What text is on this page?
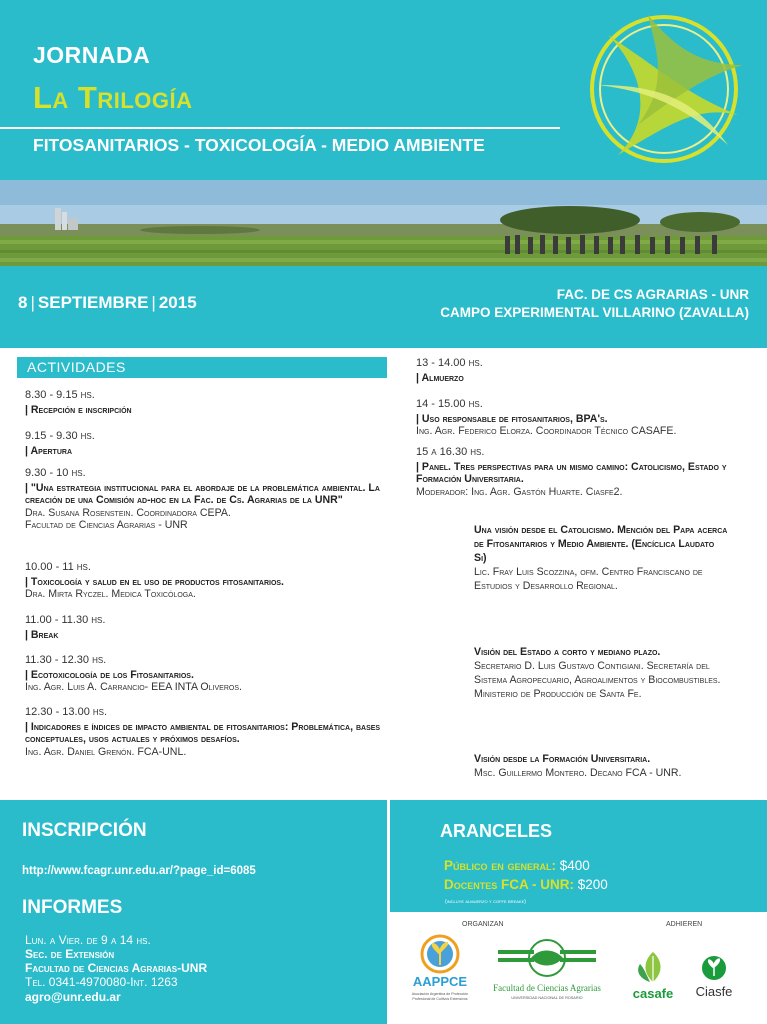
JORNADA
La Trilogía
FITOSANITARIOS - TOXICOLOGÍA - MEDIO AMBIENTE
8 | SEPTIEMBRE | 2015	FAC. DE CS AGRARIAS - UNR
CAMPO EXPERIMENTAL VILLARINO (ZAVALLA)
ACTIVIDADES
8.30 - 9.15 hs.
| Recepción e inscripción
9.15 - 9.30 hs.
| Apertura
9.30 - 10 hs.
| "Una estrategia institucional para el abordaje de la problemática ambiental. La creación de una Comisión ad-hoc en la Fac. de Cs. Agrarias de la UNR"
Dra. Susana Rosenstein. Coordinadora CEPA.
Facultad de Ciencias Agrarias - UNR
10.00 - 11 hs.
| Toxicología y salud en el uso de productos fitosanitarios.
Dra. Mirta Ryczel. Medica Toxicóloga.
11.00 - 11.30 hs.
| Break
11.30 - 12.30 hs.
| Ecotoxicología de los Fitosanitarios.
Ing. Agr. Luis A. Carrancio- EEA INTA Oliveros.
12.30 - 13.00 hs.
| Indicadores e índices de impacto ambiental de fitosanitarios: Problemática, bases conceptuales, usos actuales y próximos desafíos.
Ing. Agr. Daniel Grenón. FCA-UNL.
13 - 14.00 hs.
| Almuerzo
14 - 15.00 hs.
| Uso responsable de fitosanitarios, BPA's.
Ing. Agr. Federico Elorza. Coordinador Técnico CASAFE.
15 a 16.30 hs.
| Panel. Tres perspectivas para un mismo camino: Catolicismo, Estado y Formación Universitaria.
Moderador: Ing. Agr. Gastón Huarte. Ciasfe2.
Una visión desde el Catolicismo. Mención del Papa acerca de Fitosanitarios y Medio Ambiente. (Encíclica Laudato Si)
Lic. Fray Luis Scozzina, ofm. Centro Franciscano de Estudios y Desarrollo Regional.
Visión del Estado a corto y mediano plazo.
Secretario D. Luis Gustavo Contigiani. Secretaría del Sistema Agropecuario, Agroalimentos y Biocombustibles. Ministerio de Producción de Santa Fe.
Visión desde la Formación Universitaria.
Msc. Guillermo Montero. Decano FCA - UNR.
INSCRIPCIÓN
http://www.fcagr.unr.edu.ar/?page_id=6085
INFORMES
Lun. a Vier. de 9 a 14 hs.
Sec. de Extensión
Facultad de Ciencias Agrarias-UNR
Tel. 0341-4970080-Int. 1263
agro@unr.edu.ar
ARANCELES
Público en general: $400
Docentes FCA - UNR: $200
(incluye almuerzo y coffe breake)
ORGANIZAN	ADHIEREN
AAPPCE
Asociación Argentina de Protección
Profesional de Cultivos Extensivos
Facultad de Ciencias Agrarias
UNIVERSIDAD NACIONAL DE ROSARIO	casafe Ciasfe
